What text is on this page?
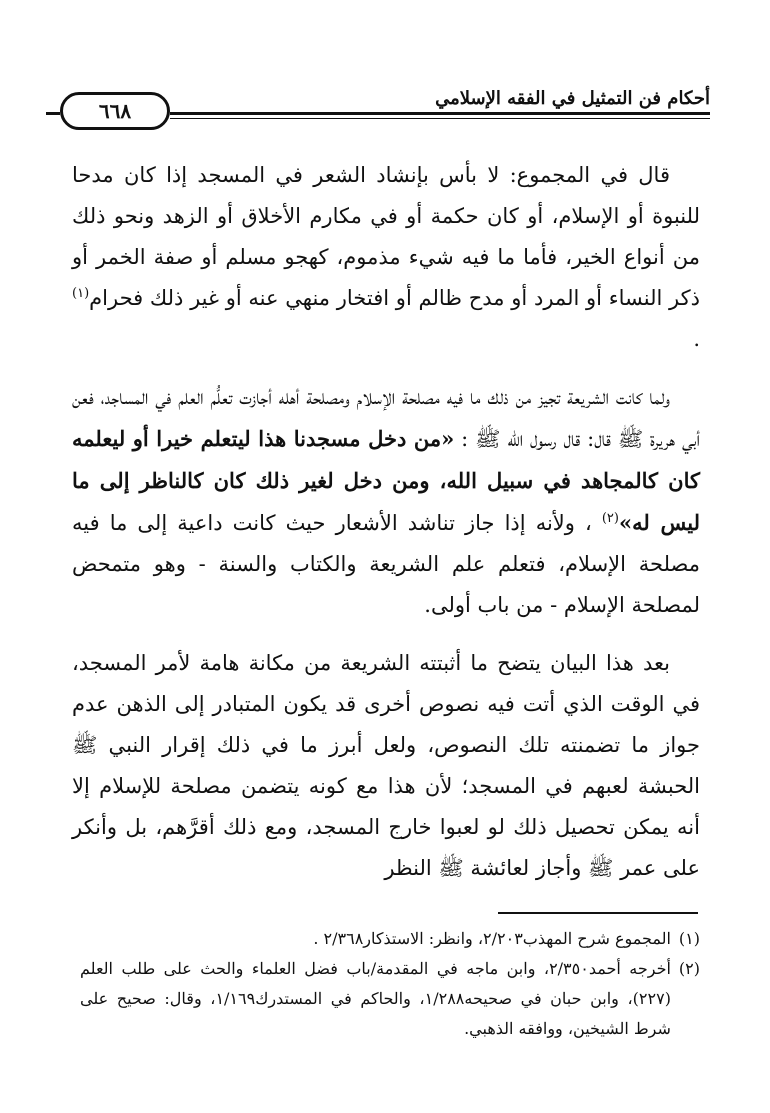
٦٦٨
أحكام فن التمثيل في الفقه الإسلامي

قال في المجموع: لا بأس بإنشاد الشعر في المسجد إذا كان مدحا للنبوة أو الإسلام، أو كان حكمة أو في مكارم الأخلاق أو الزهد ونحو ذلك من أنواع الخير، فأما ما فيه شيء مذموم، كهجو مسلم أو صفة الخمر أو ذكر النساء أو المرد أو مدح ظالم أو افتخار منهي عنه أو غير ذلك فحرام$^{(١)}$ .

ولما كانت الشريعة تجيز من ذلك ما فيه مصلحة الإسلام ومصلحة أهله أجازت تعلُّم العلم في المساجد، فعن أبي هريرة ﷺ قال: قال رسول الله ﷺ : «من دخل مسجدنا هذا ليتعلم خيرا أو ليعلمه كان كالمجاهد في سبيل الله، ومن دخل لغير ذلك كان كالناظر إلى ما ليس له»$^{(٢)}$ ، ولأنه إذا جاز تناشد الأشعار حيث كانت داعية إلى ما فيه مصلحة الإسلام، فتعلم علم الشريعة والكتاب والسنة - وهو متمحض لمصلحة الإسلام - من باب أولى.

بعد هذا البيان يتضح ما أثبتته الشريعة من مكانة هامة لأمر المسجد، في الوقت الذي أتت فيه نصوص أخرى قد يكون المتبادر إلى الذهن عدم جواز ما تضمنته تلك النصوص، ولعل أبرز ما في ذلك إقرار النبي ﷺ الحبشة لعبهم في المسجد؛ لأن هذا مع كونه يتضمن مصلحة للإسلام إلا أنه يمكن تحصيل ذلك لو لعبوا خارج المسجد، ومع ذلك أقرَّهم، بل وأنكر على عمر ﷺ وأجاز لعائشة ﷺ النظر

(١)
المجموع شرح المهذب٢/٢٠٣، وانظر: الاستذكار٢/٣٦٨ .
(٢)
أخرجه أحمد٢/٣٥٠، وابن ماجه في المقدمة/باب فضل العلماء والحث على طلب العلم (٢٢٧)، وابن حبان في صحيحه١/٢٨٨، والحاكم في المستدرك١/١٦٩، وقال: صحيح على شرط الشيخين، ووافقه الذهبي.
